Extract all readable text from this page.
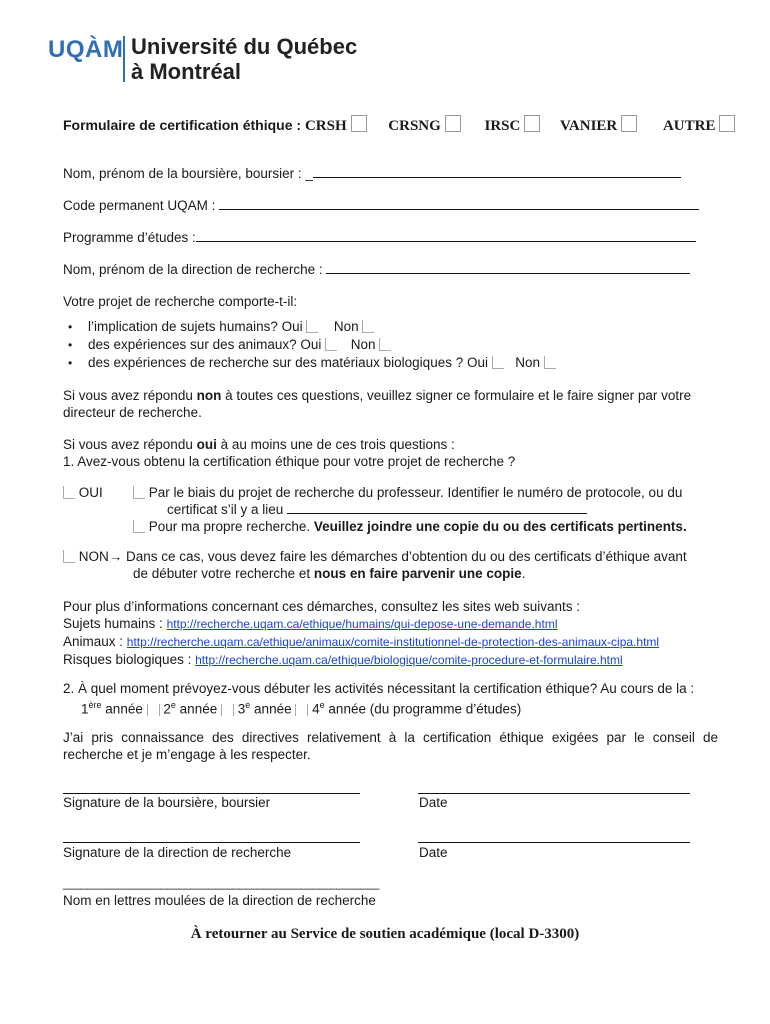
UQÀM Université du Québec
à Montréal
Formulaire de certification éthique : CRSH	CRSNG	IRSC	VANIER	AUTRE
Nom, prénom de la boursière, boursier : _
Code permanent UQAM :
Programme d’études :
Nom, prénom de la direction de recherche :
Votre projet de recherche comporte-t-il:
• l’implication de sujets humains? Oui Non
• des expériences sur des animaux? Oui Non
• des expériences de recherche sur des matériaux biologiques ? Oui Non
Si vous avez répondu non à toutes ces questions, veuillez signer ce formulaire et le faire signer par votre directeur de recherche.
Si vous avez répondu oui à au moins une de ces trois questions :
1. Avez-vous obtenu la certification éthique pour votre projet de recherche ?
OUI	Par le biais du projet de recherche du professeur. Identifier le numéro de protocole, ou du
certificat s’il y a lieu
Pour ma propre recherche. Veuillez joindre une copie du ou des certificats pertinents.
NON→ Dans ce cas, vous devez faire les démarches d’obtention du ou des certificats d’éthique avant
de débuter votre recherche et nous en faire parvenir une copie.
Pour plus d’informations concernant ces démarches, consultez les sites web suivants :
Sujets humains : http://recherche.uqam.ca/ethique/humains/qui-depose-une-demande.html
Animaux : http://recherche.uqam.ca/ethique/animaux/comite-institutionnel-de-protection-des-animaux-cipa.html
Risques biologiques : http://recherche.uqam.ca/ethique/biologique/comite-procedure-et-formulaire.html
2. À quel moment prévoyez-vous débuter les activités nécessitant la certification éthique? Au cours de la :
1ère année 2e année 3e année 4e année (du programme d’études)
J’ai pris connaissance des directives relativement à la certification éthique exigées par le conseil de recherche et je m’engage à les respecter.
Signature de la boursière, boursier	Date
Signature de la direction de recherche	Date
____________________________________________________
Nom en lettres moulées de la direction de recherche
À retourner au Service de soutien académique (local D-3300)
